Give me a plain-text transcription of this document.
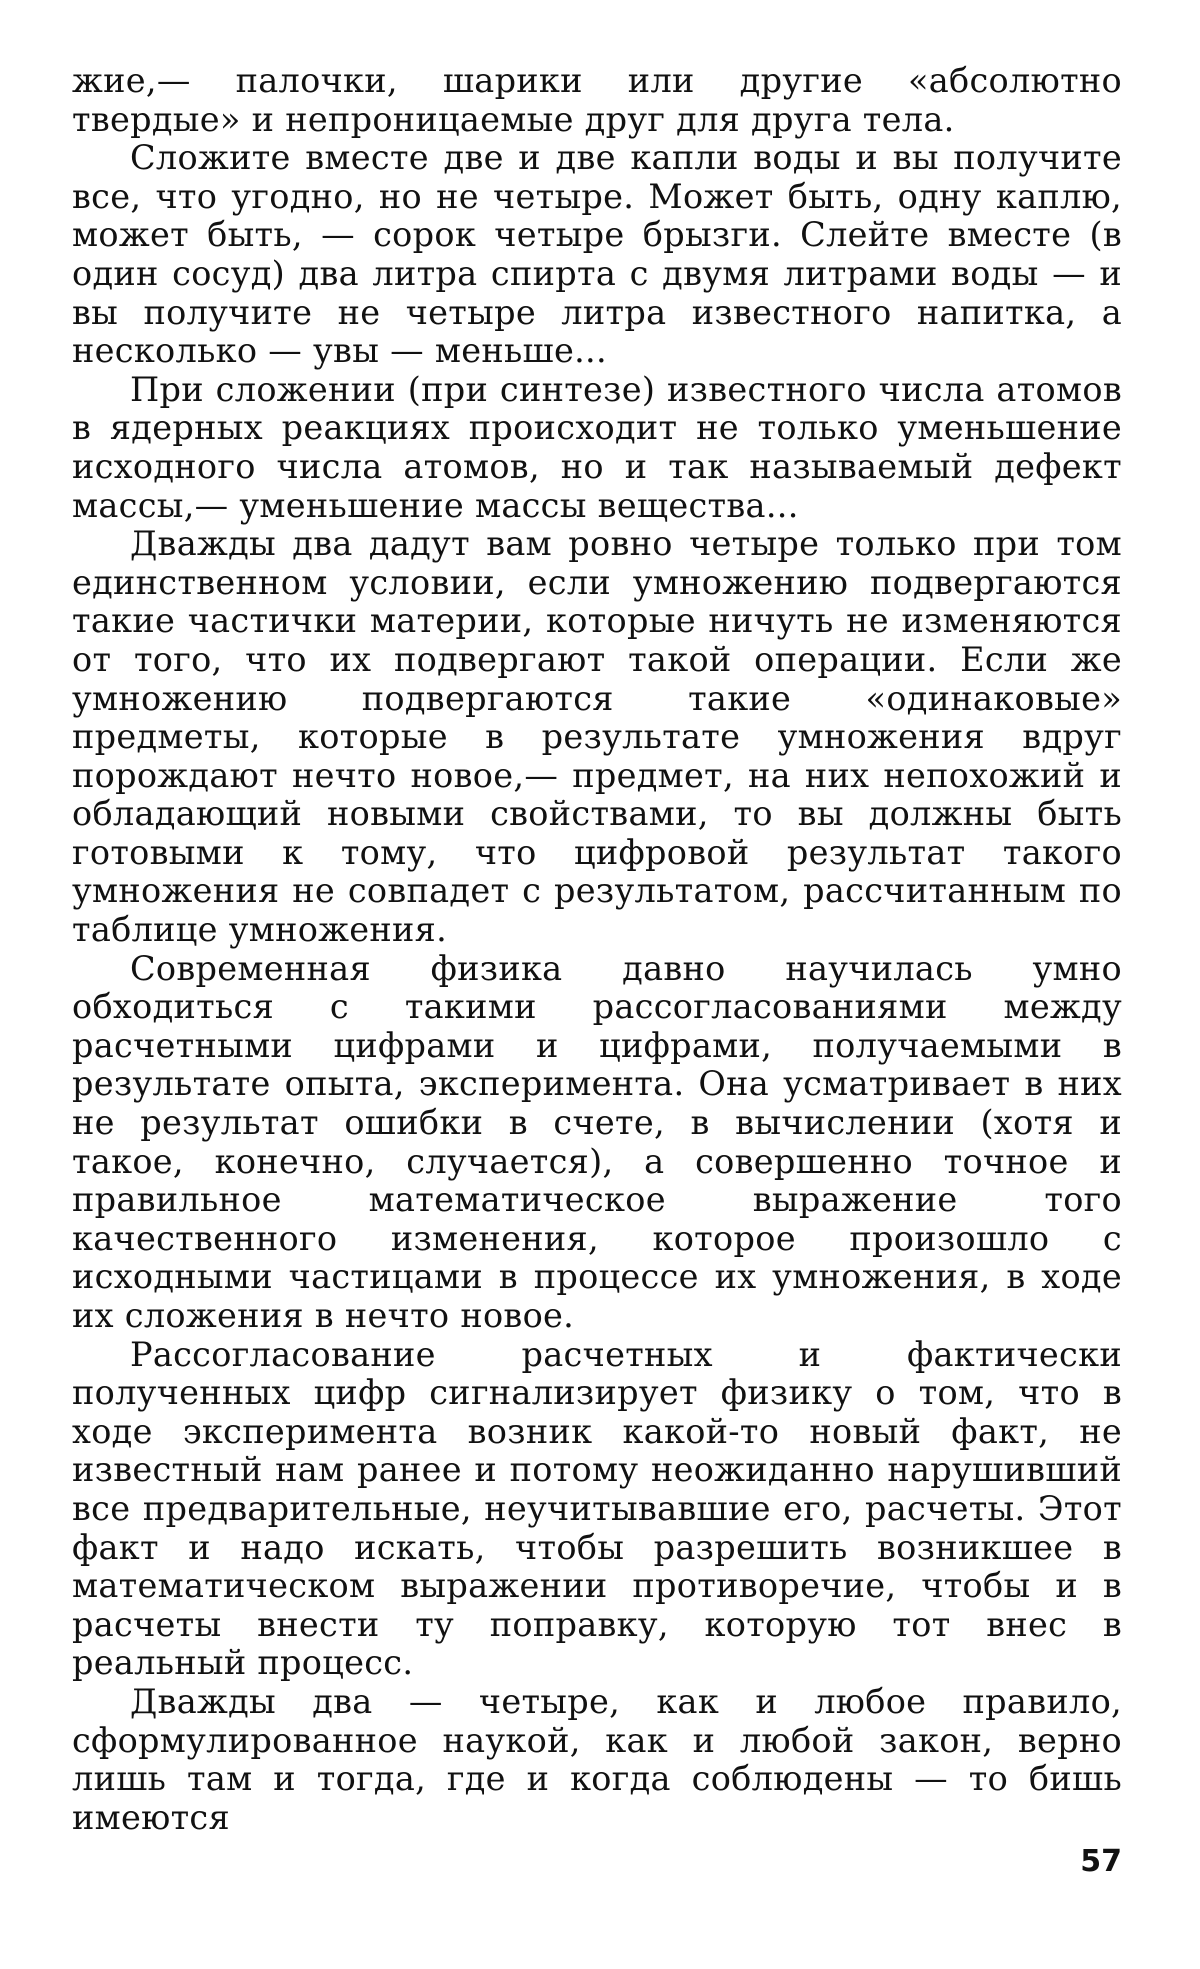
жие,— палочки, шарики или другие «абсолютно твердые» и непроницаемые друг для друга тела.

Сложите вместе две и две капли воды и вы получите все, что угодно, но не четыре. Может быть, одну каплю, может быть, — сорок четыре брызги. Слейте вместе (в один сосуд) два литра спирта с двумя литрами воды — и вы получите не четыре литра известного напитка, а несколько — увы — меньше...

При сложении (при синтезе) известного числа атомов в ядерных реакциях происходит не только уменьшение исходного числа атомов, но и так называемый дефект массы,— уменьшение массы вещества...

Дважды два дадут вам ровно четыре только при том единственном условии, если умножению подвергаются такие частички материи, которые ничуть не изменяются от того, что их подвергают такой операции. Если же умножению подвергаются такие «одинаковые» предметы, которые в результате умножения вдруг порождают нечто новое,— предмет, на них непохожий и обладающий новыми свойствами, то вы должны быть готовыми к тому, что цифровой результат такого умножения не совпадет с результатом, рассчитанным по таблице умножения.

Современная физика давно научилась умно обходиться с такими рассогласованиями между расчетными цифрами и цифрами, получаемыми в результате опыта, эксперимента. Она усматривает в них не результат ошибки в счете, в вычислении (хотя и такое, конечно, случается), а совершенно точное и правильное математическое выражение того качественного изменения, которое произошло с исходными частицами в процессе их умножения, в ходе их сложения в нечто новое.

Рассогласование расчетных и фактически полученных цифр сигнализирует физику о том, что в ходе эксперимента возник какой-то новый факт, не известный нам ранее и потому неожиданно нарушивший все предварительные, неучитывавшие его, расчеты. Этот факт и надо искать, чтобы разрешить возникшее в математическом выражении противоречие, чтобы и в расчеты внести ту поправку, которую тот внес в реальный процесс.

Дважды два — четыре, как и любое правило, сформулированное наукой, как и любой закон, верно лишь там и тогда, где и когда соблюдены — то бишь имеются

57
